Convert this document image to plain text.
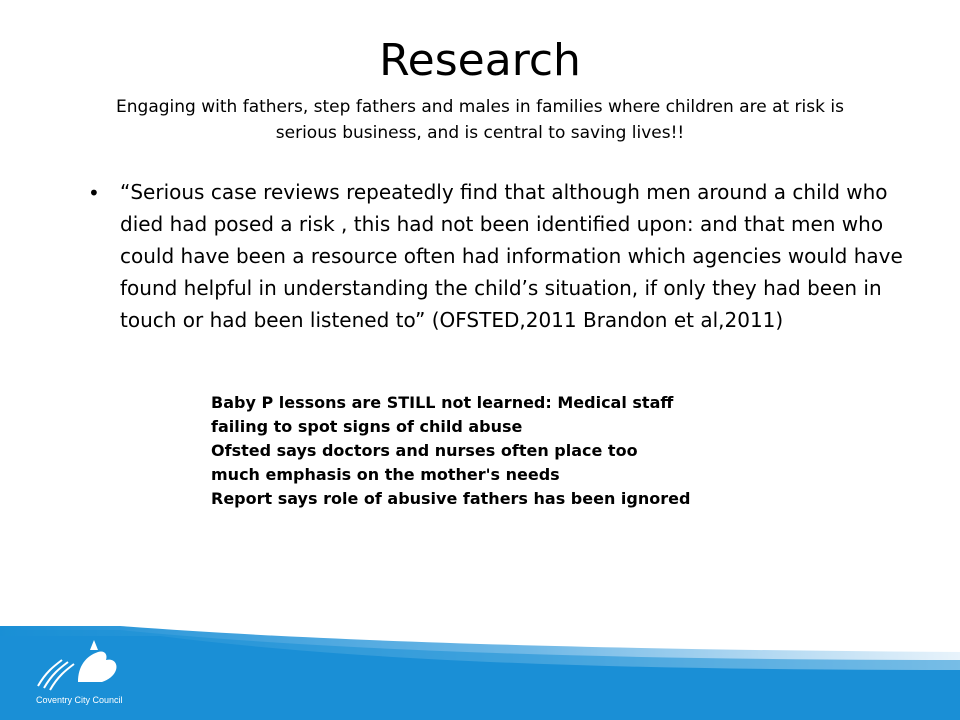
Research

Engaging with fathers, step fathers and males in families where children are at risk is serious business, and is central to saving lives!!

• “Serious case reviews repeatedly find that although men around a child who died had posed a risk , this had not been identified upon: and that men who could have been a resource often had information which agencies would have found helpful in understanding the child’s situation, if only they had been in touch or had been listened to” (OFSTED,2011 Brandon et al,2011)

Baby P lessons are STILL not learned: Medical staff failing to spot signs of child abuse

Ofsted says doctors and nurses often place too much emphasis on the mother's needs

Report says role of abusive fathers has been ignored

Coventry City Council
